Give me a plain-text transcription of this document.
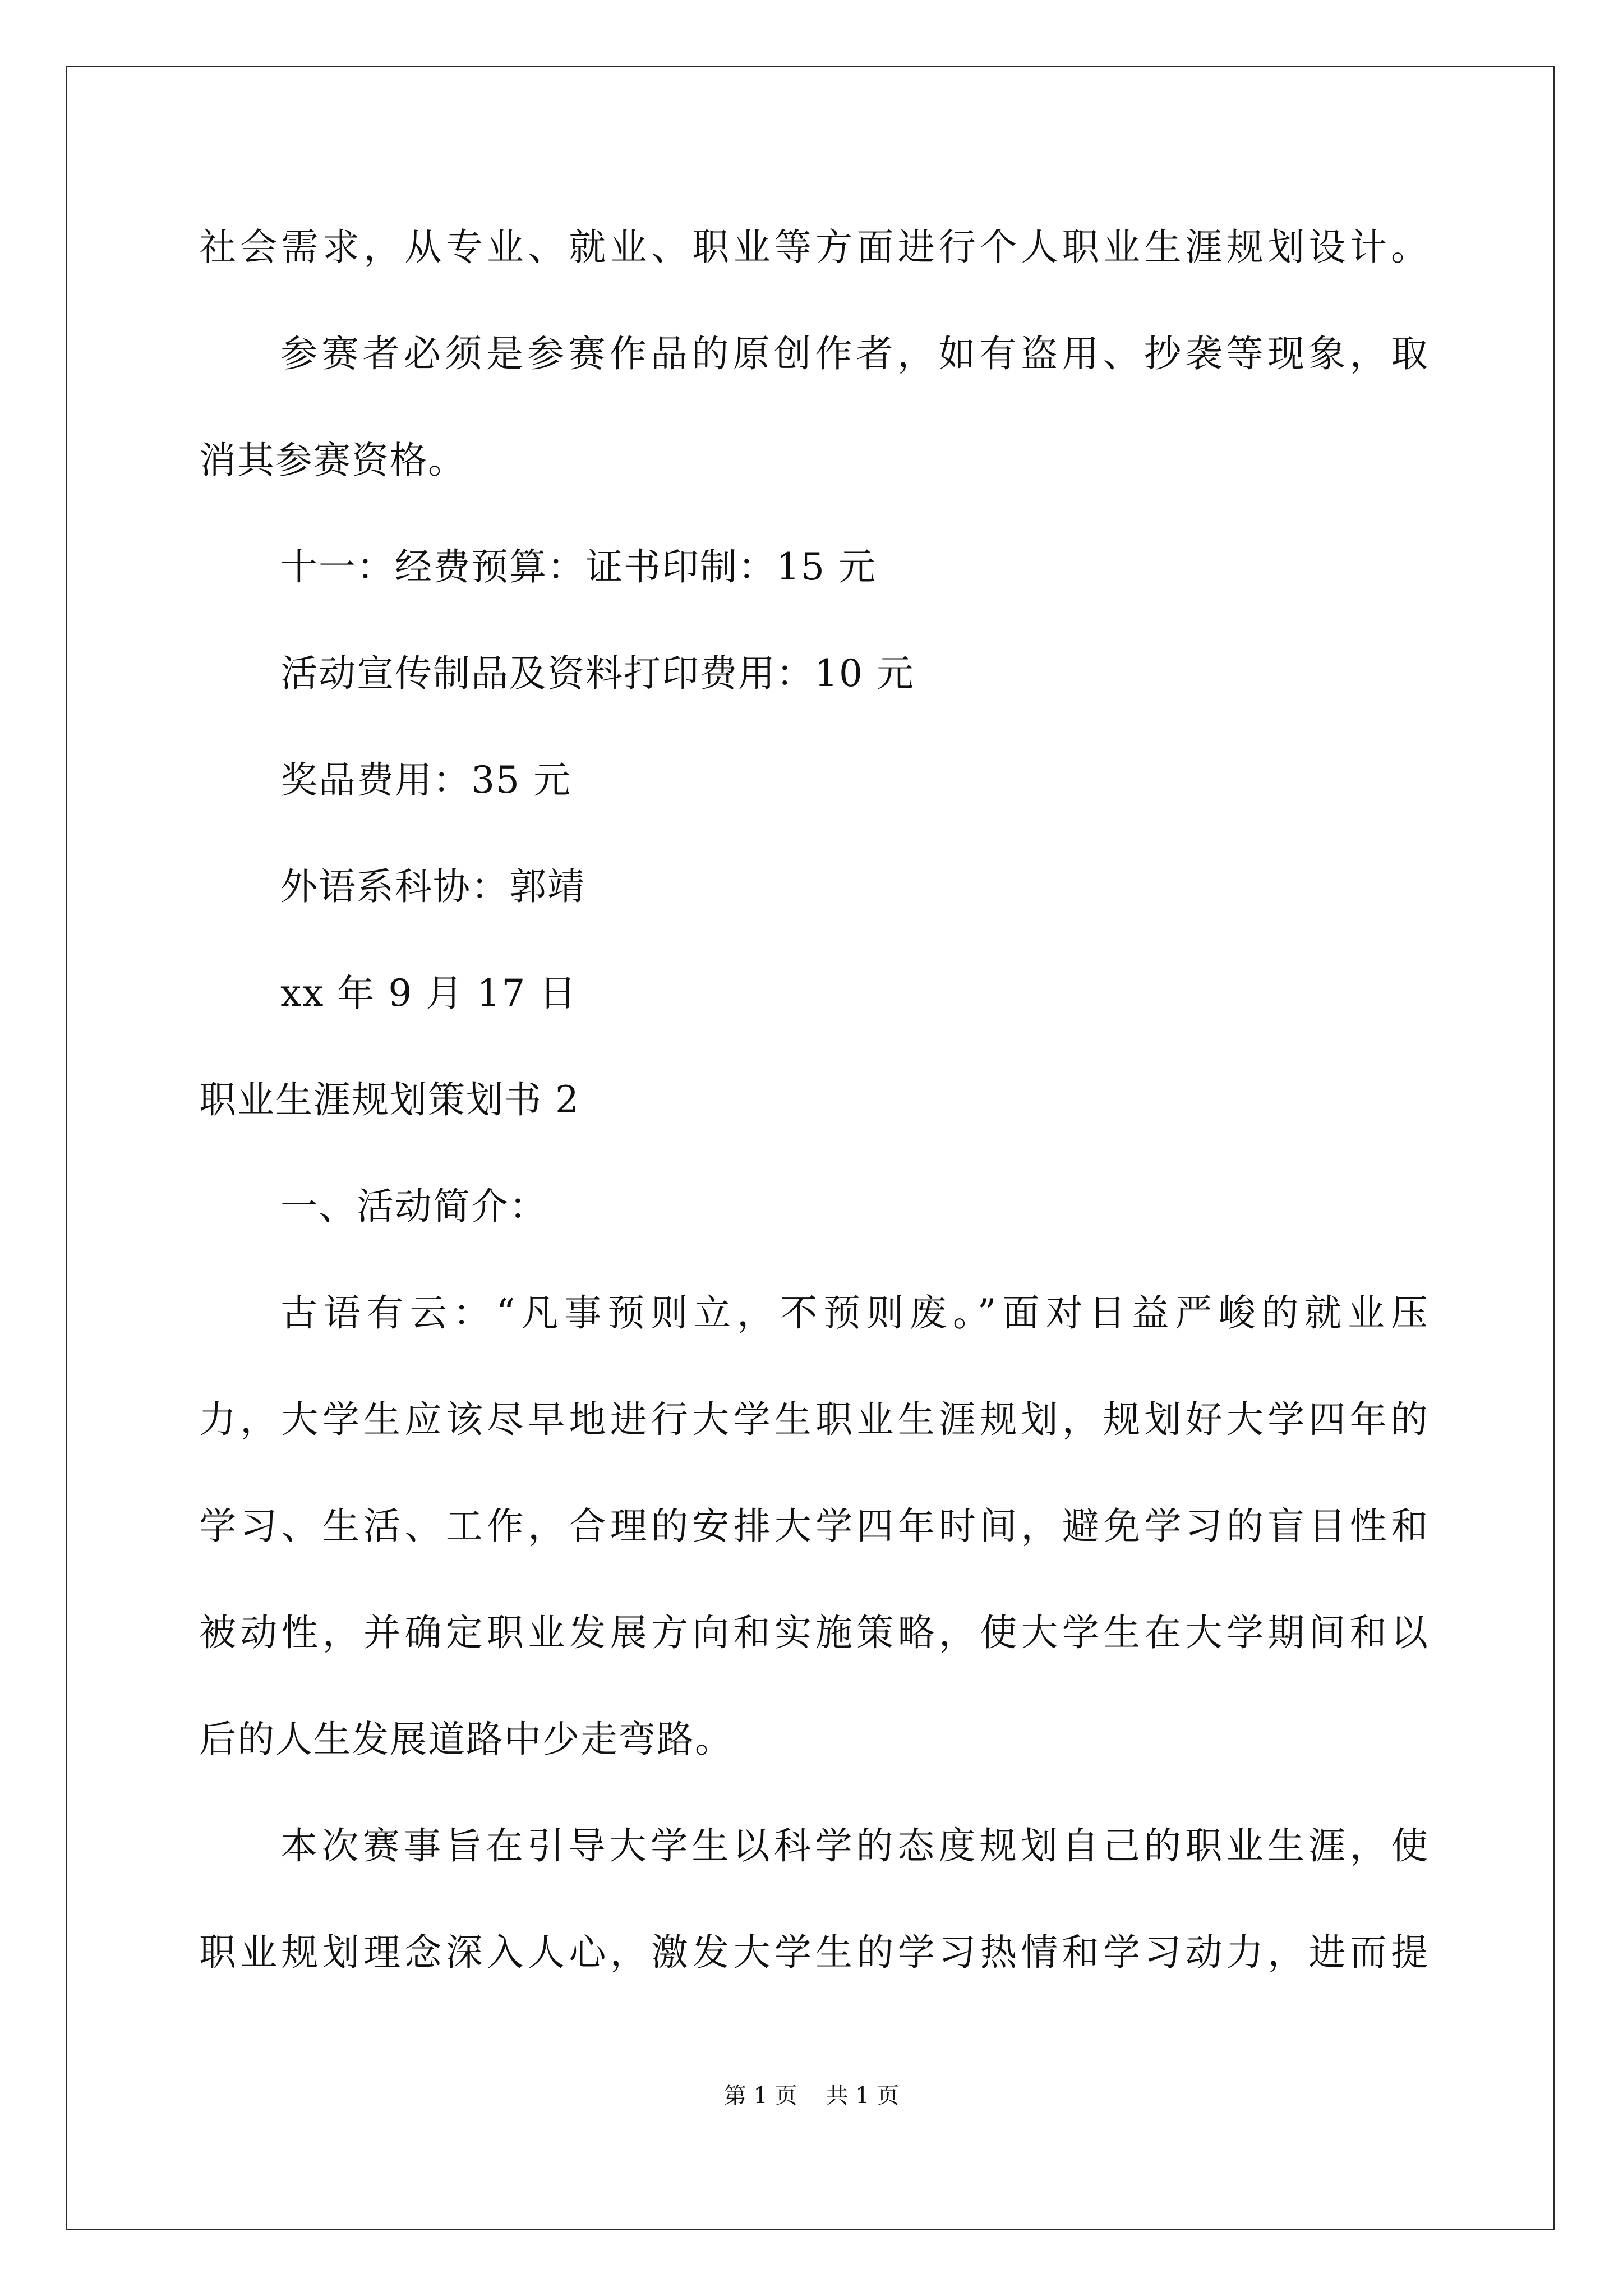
社会需求，从专业、就业、职业等方面进行个人职业生涯规划设计。
参赛者必须是参赛作品的原创作者，如有盗用、抄袭等现象，取
消其参赛资格。
十一：经费预算：证书印制：15 元
活动宣传制品及资料打印费用：10 元
奖品费用：35 元
外语系科协：郭靖
xx 年 9 月 17 日
职业生涯规划策划书 2
一、活动简介：
古语有云：“凡事预则立，不预则废。”面对日益严峻的就业压
力，大学生应该尽早地进行大学生职业生涯规划，规划好大学四年的
学习、生活、工作，合理的安排大学四年时间，避免学习的盲目性和
被动性，并确定职业发展方向和实施策略，使大学生在大学期间和以
后的人生发展道路中少走弯路。
本次赛事旨在引导大学生以科学的态度规划自己的职业生涯，使
职业规划理念深入人心，激发大学生的学习热情和学习动力，进而提
第 1 页    共 1 页
